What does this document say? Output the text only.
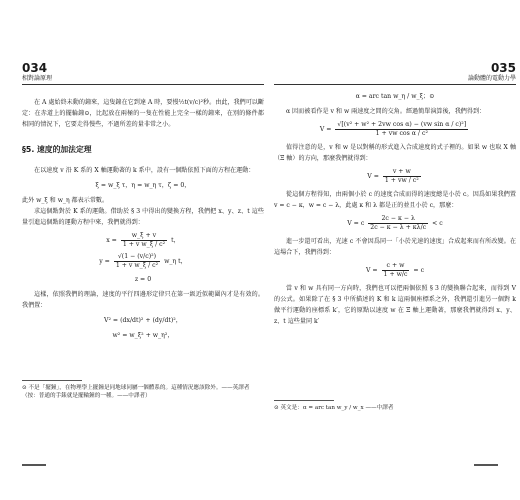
034
相對論原理

在 A 處始終未動的鐘來，這隻鐘在它到達 A 時，要慢½t(v/c)²秒。由此，我們可以斷定：在赤道上的擺輪鐘⊙，比起放在兩極的一隻在性能上完全一樣的鐘來，在別的條件都相同的情況下，它要走得慢些，不過所差的量非常之小。

§5. 速度的加法定理

在以速度 v 沿 K 系的 X 軸運動著的 k 系中，設有一個點依照下面的方程在運動：

ξ = w_ξ τ，η = w_η τ，ζ = 0，

此外 w_ξ 和 w_η 都表示常數。

求這個點對於 K 系的運動。借助於 § 3 中得出的變換方程，我們把 x、y、z、t 這些量引進這個點的運動方程中來，我們就得到：

$x = \frac{w\_\xi + v}{\text{1 + v w\_ξ / c²}}$ t，
$y = \frac{\text{√(1 − (v/c)²)}}{\text{1 + v w\_ξ / c²}}$ w_η t，
z = 0

這樣，依照我們的理論，速度的平行四邊形定律只在第一級近似範圍內才是有效的。我們置：

V² = (dx/dt)² + (dy/dt)²，
w² = w_ξ² + w_η²，
⊙ 不是「擺鐘」，在物理學上擺鐘是同地球同屬一個體系的。這種情況應該除外。——英譯者
（按：普通的手錶就是擺輪鐘的一種。——中譯者）
035
論動體的電動力學
α = arc tan w_η / w_ξ；⊙

α 因而被看作是 v 和 w 兩速度之間的交角。經過簡單演算後，我們得到：

$V = \frac{\text{√[(v² + w² + 2vw cos α) − (vw sin α / c)²]}}{\text{1 + vw cos α / c²}}$

值得注意的是，v 和 w 是以對稱的形式進入合成速度的式子裡的。如果 w 也取 X 軸（Ξ 軸）的方向，那麼我們就得到：

$V = \frac{v + w}{\text{1 + vw / c²}}$

從這個方程得知，由兩個小於 c 的速度合成而得的速度總是小於 c。因爲如果我們置 v = c − κ，w = c − λ，此處 κ 和 λ 都是正的並且小於 c，那麼：

V = c $\frac{2c - \kappa - \lambda}{2c - \kappa - \lambda + \kappa\lambda/c} < c$

進一步還可看出，光速 c 不會因爲同一「小於光速的速度」合成起來而有所改變。在這場合下，我們得到：

$V = \frac{c + w}{1 + w/c} = c$

當 v 和 w 具有同一方向時，我們也可以把兩個依照 § 3 的變換聯合起來，而得到 V 的公式。如果除了在 § 3 中所描述的 K 和 k 這兩個座標系之外，我們還引進另一個對 k 做平行運動的座標系 k′，它的原點以速度 w 在 Ξ 軸上運動著，那麼我們就得到 x、y、z、t 這些量同 k′

⊙ 英文是：α = arc tan w_y / w_x ——中譯者
